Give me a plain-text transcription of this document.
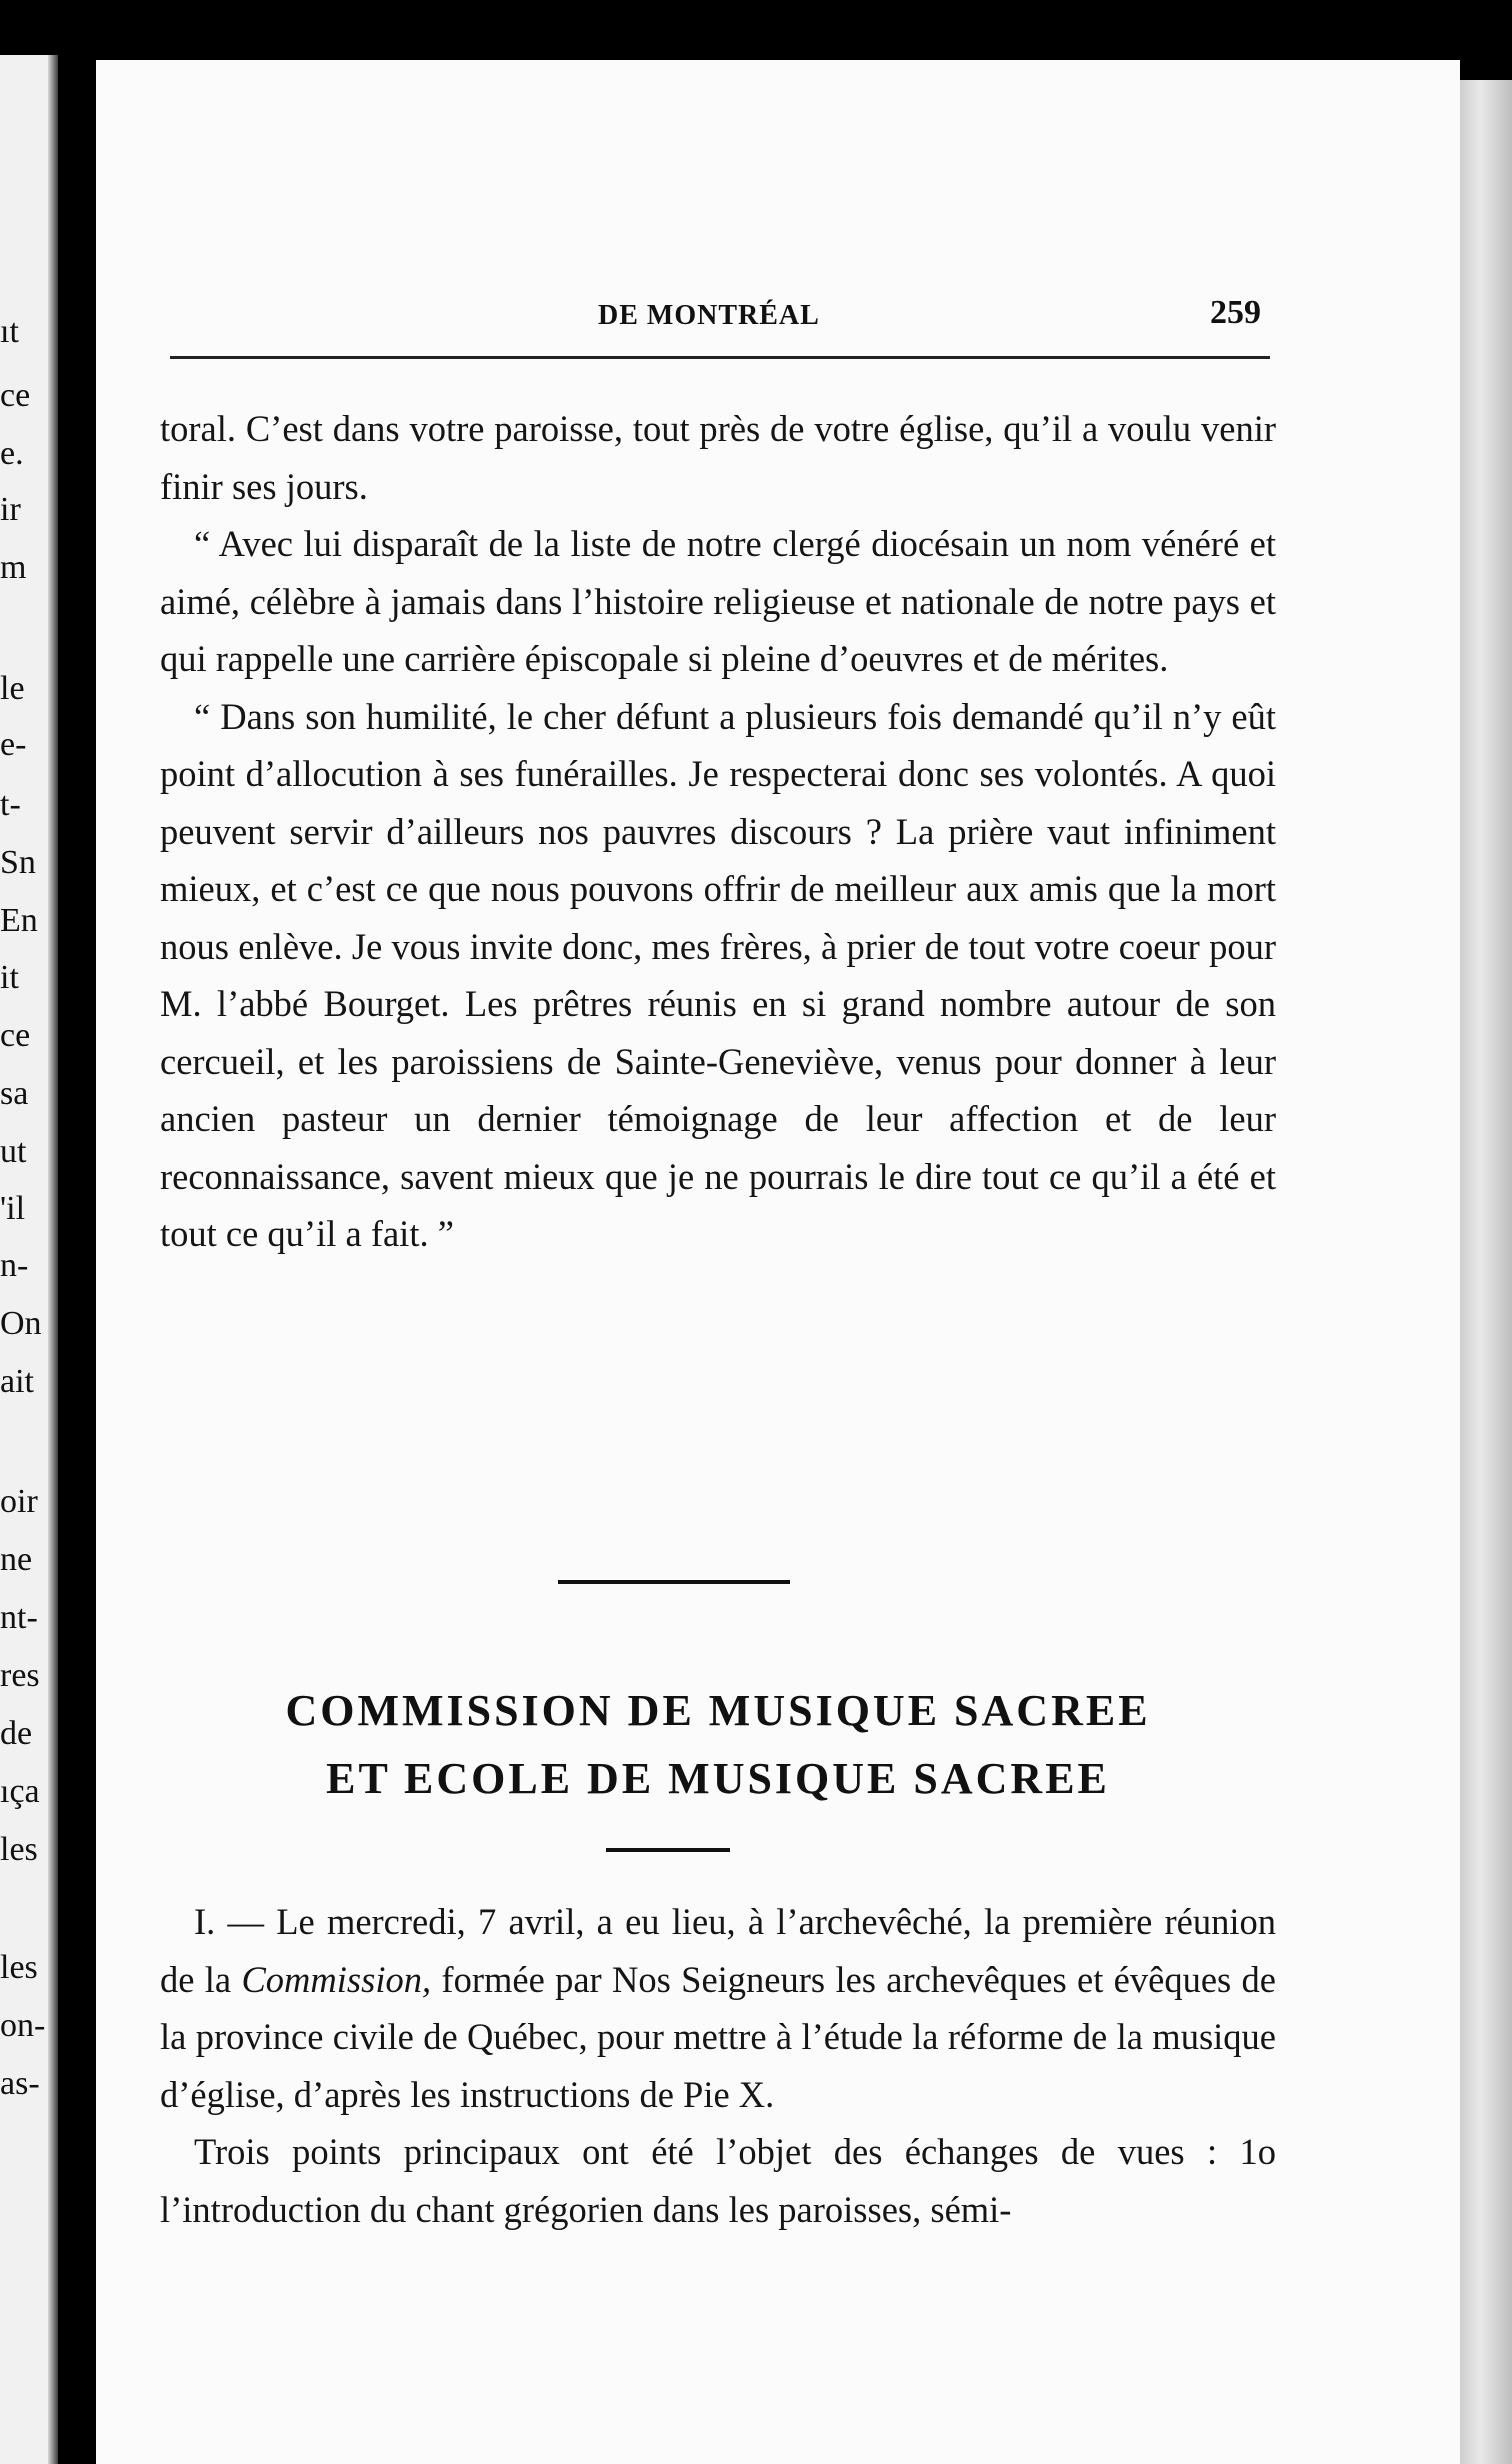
ıt
ce
e.
ir
m
le
e-
t-
Sn
En
it
ce
sa
ut
'il
n-
On
ait
oir
ne
nt-
res
de
ıça
les
les
on-
as-
DE MONTRÉAL	259

toral. C’est dans votre paroisse, tout près de votre église, qu’il a voulu venir finir ses jours.

“ Avec lui disparaît de la liste de notre clergé diocésain un nom vénéré et aimé, célèbre à jamais dans l’histoire religieuse et nationale de notre pays et qui rappelle une carrière épiscopale si pleine d’oeuvres et de mérites.

“ Dans son humilité, le cher défunt a plusieurs fois demandé qu’il n’y eût point d’allocution à ses funérailles. Je respecterai donc ses volontés. A quoi peuvent servir d’ailleurs nos pauvres discours ? La prière vaut infiniment mieux, et c’est ce que nous pouvons offrir de meilleur aux amis que la mort nous enlève. Je vous invite donc, mes frères, à prier de tout votre coeur pour M. l’abbé Bourget. Les prêtres réunis en si grand nombre autour de son cercueil, et les paroissiens de Sainte-Geneviève, venus pour donner à leur ancien pasteur un dernier témoignage de leur affection et de leur reconnaissance, savent mieux que je ne pourrais le dire tout ce qu’il a été et tout ce qu’il a fait. ”

COMMISSION DE MUSIQUE SACREE
ET ECOLE DE MUSIQUE SACREE

I. — Le mercredi, 7 avril, a eu lieu, à l’archevêché, la première réunion de la Commission, formée par Nos Seigneurs les archevêques et évêques de la province civile de Québec, pour mettre à l’étude la réforme de la musique d’église, d’après les instructions de Pie X.

Trois points principaux ont été l’objet des échanges de vues : 1o l’introduction du chant grégorien dans les paroisses, sémi-
